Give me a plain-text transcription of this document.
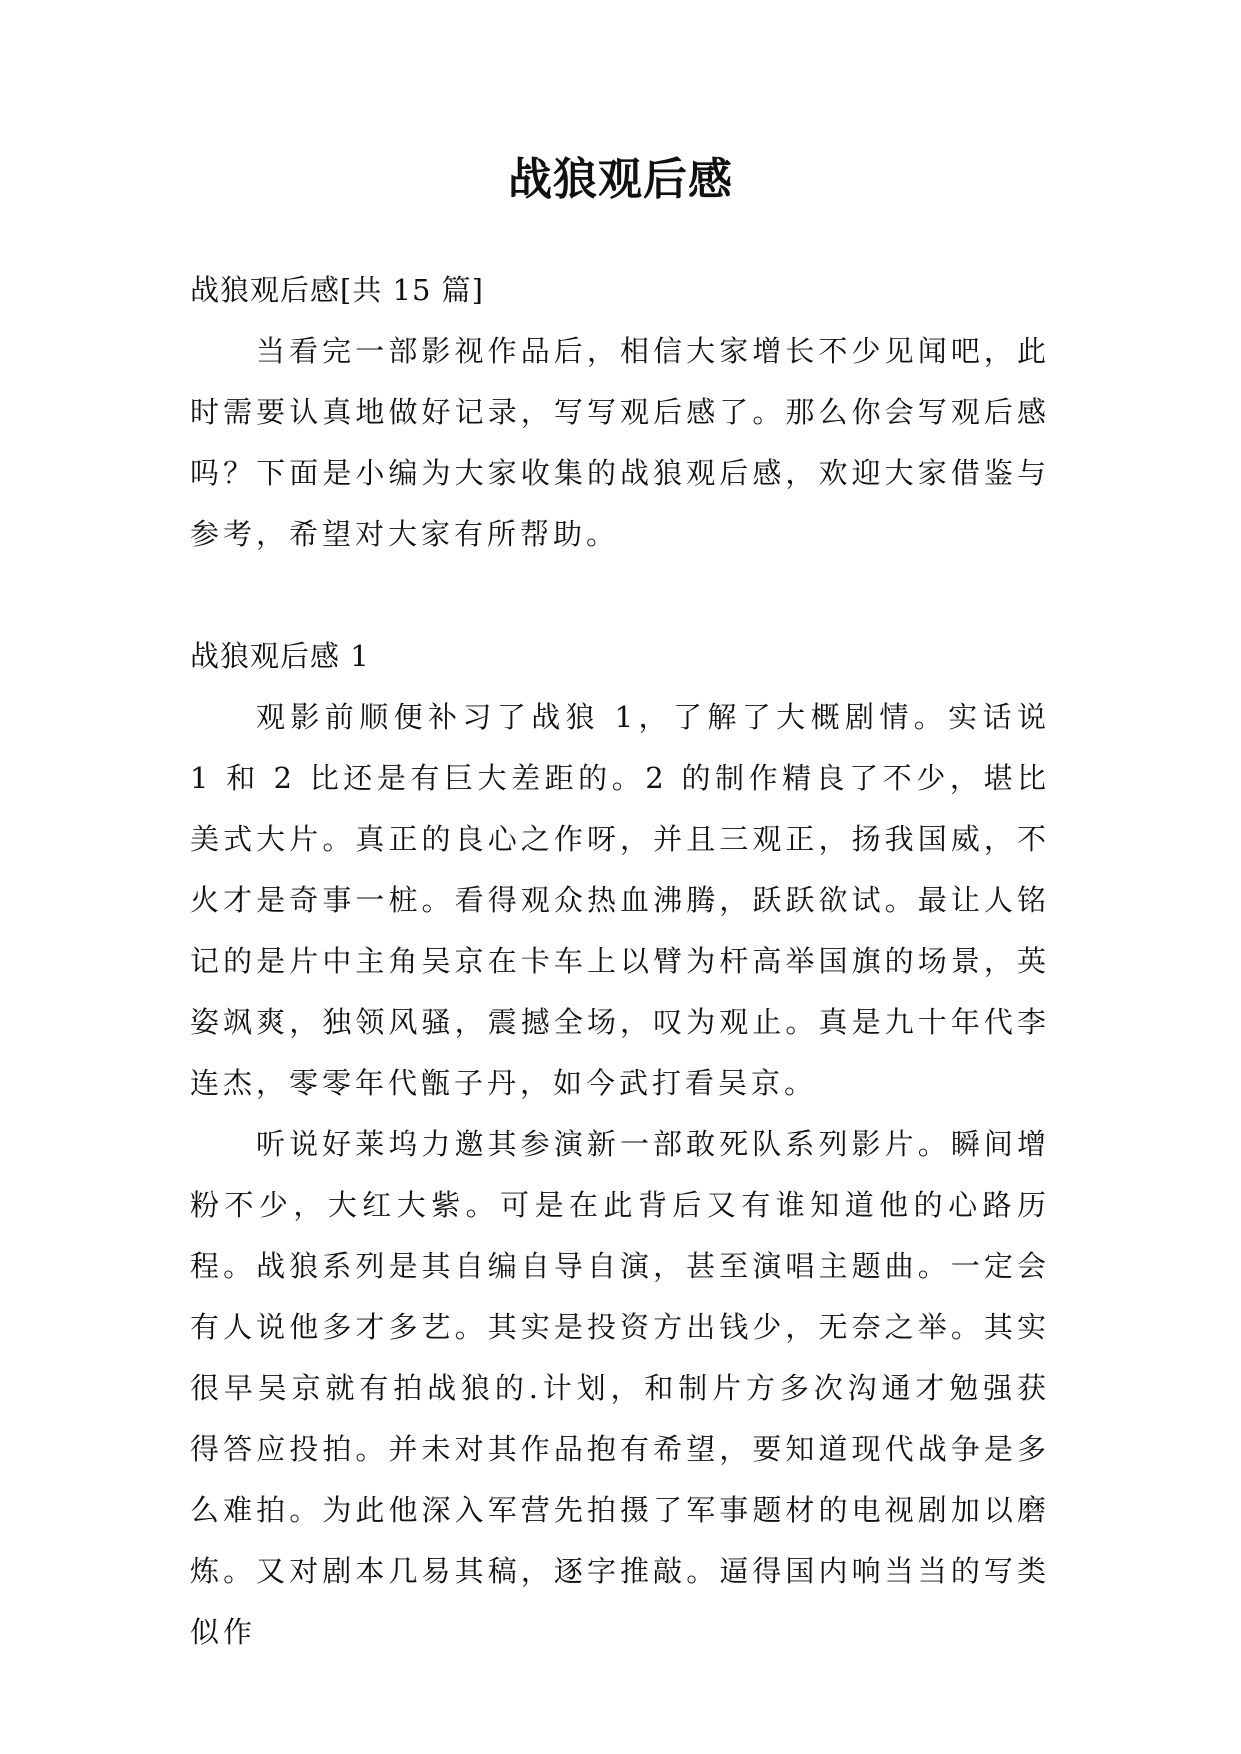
战狼观后感

战狼观后感[共 15 篇]

当看完一部影视作品后，相信大家增长不少见闻吧，此时需要认真地做好记录，写写观后感了。那么你会写观后感吗？下面是小编为大家收集的战狼观后感，欢迎大家借鉴与参考，希望对大家有所帮助。

战狼观后感 1

观影前顺便补习了战狼 1，了解了大概剧情。实话说 1 和 2 比还是有巨大差距的。2 的制作精良了不少，堪比美式大片。真正的良心之作呀，并且三观正，扬我国威，不火才是奇事一桩。看得观众热血沸腾，跃跃欲试。最让人铭记的是片中主角吴京在卡车上以臂为杆高举国旗的场景，英姿飒爽，独领风骚，震撼全场，叹为观止。真是九十年代李连杰，零零年代甑子丹，如今武打看吴京。

听说好莱坞力邀其参演新一部敢死队系列影片。瞬间增粉不少，大红大紫。可是在此背后又有谁知道他的心路历程。战狼系列是其自编自导自演，甚至演唱主题曲。一定会有人说他多才多艺。其实是投资方出钱少，无奈之举。其实很早吴京就有拍战狼的.计划，和制片方多次沟通才勉强获得答应投拍。并未对其作品抱有希望，要知道现代战争是多么难拍。为此他深入军营先拍摄了军事题材的电视剧加以磨炼。又对剧本几易其稿，逐字推敲。逼得国内响当当的写类似作
